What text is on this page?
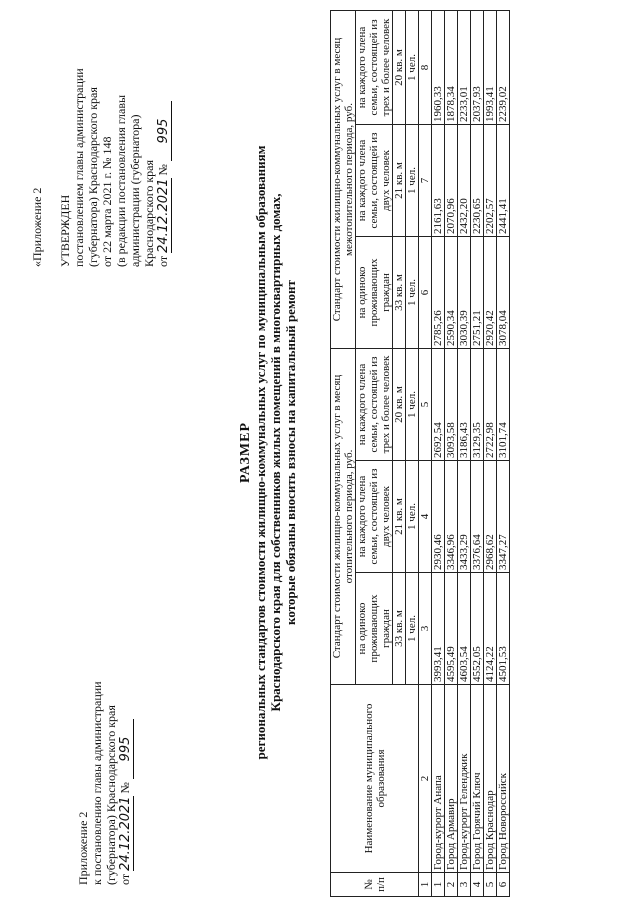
Приложение 2 к постановлению главы администрации (губернатора) Краснодарского края от 24.12.2021 № 995
«Приложение 2 УТВЕРЖДЕН постановлением главы администрации (губернатора) Краснодарского края от 22 марта 2021 г. № 148 (в редакции постановления главы администрации (губернатора) Краснодарского края от 24.12.2021 № 995
РАЗМЕР региональных стандартов стоимости жилищно-коммунальных услуг по муниципальным образованиям Краснодарского края для собственников жилых помещений в многоквартирных домах, которые обязаны вносить взносы на капитальный ремонт
№ п/п	Наименование муниципального образования	Стандарт стоимости жилищно-коммунальных услуг в месяц отопительного периода, руб.			Стандарт стоимости жилищно-коммунальных услуг в месяц межотопительного периода, руб.		
		на одиноко проживающих граждан	на каждого члена семьи, состоящей из двух человек	на каждого члена семьи, состоящей из трех и более человек	на одиноко проживающих граждан	на каждого члена семьи, состоящей из двух человек	на каждого члена семьи, состоящей из трех и более человек
		33 кв. м	21 кв. м	20 кв. м	33 кв. м	21 кв. м	20 кв. м
		1 чел.	1 чел.	1 чел.	1 чел.	1 чел.	1 чел.
1	2	3	4	5	6	7	8
1	Город-курорт Анапа	3993,41	2930,46	2692,54	2785,26	2161,63	1960,33
2	Город Армавир	4595,49	3346,96	3093,58	2590,34	2070,96	1878,34
3	Город-курорт Геленджик	4603,54	3433,29	3186,43	3030,39	2432,20	2233,01
4	Город Горячий Ключ	4552,05	3376,64	3129,35	2751,21	2230,65	2037,93
5	Город Краснодар	4124,22	2968,62	2722,98	2920,42	2202,57	1993,41
6	Город Новороссийск	4501,53	3347,27	3101,74	3078,04	2441,41	2239,02
